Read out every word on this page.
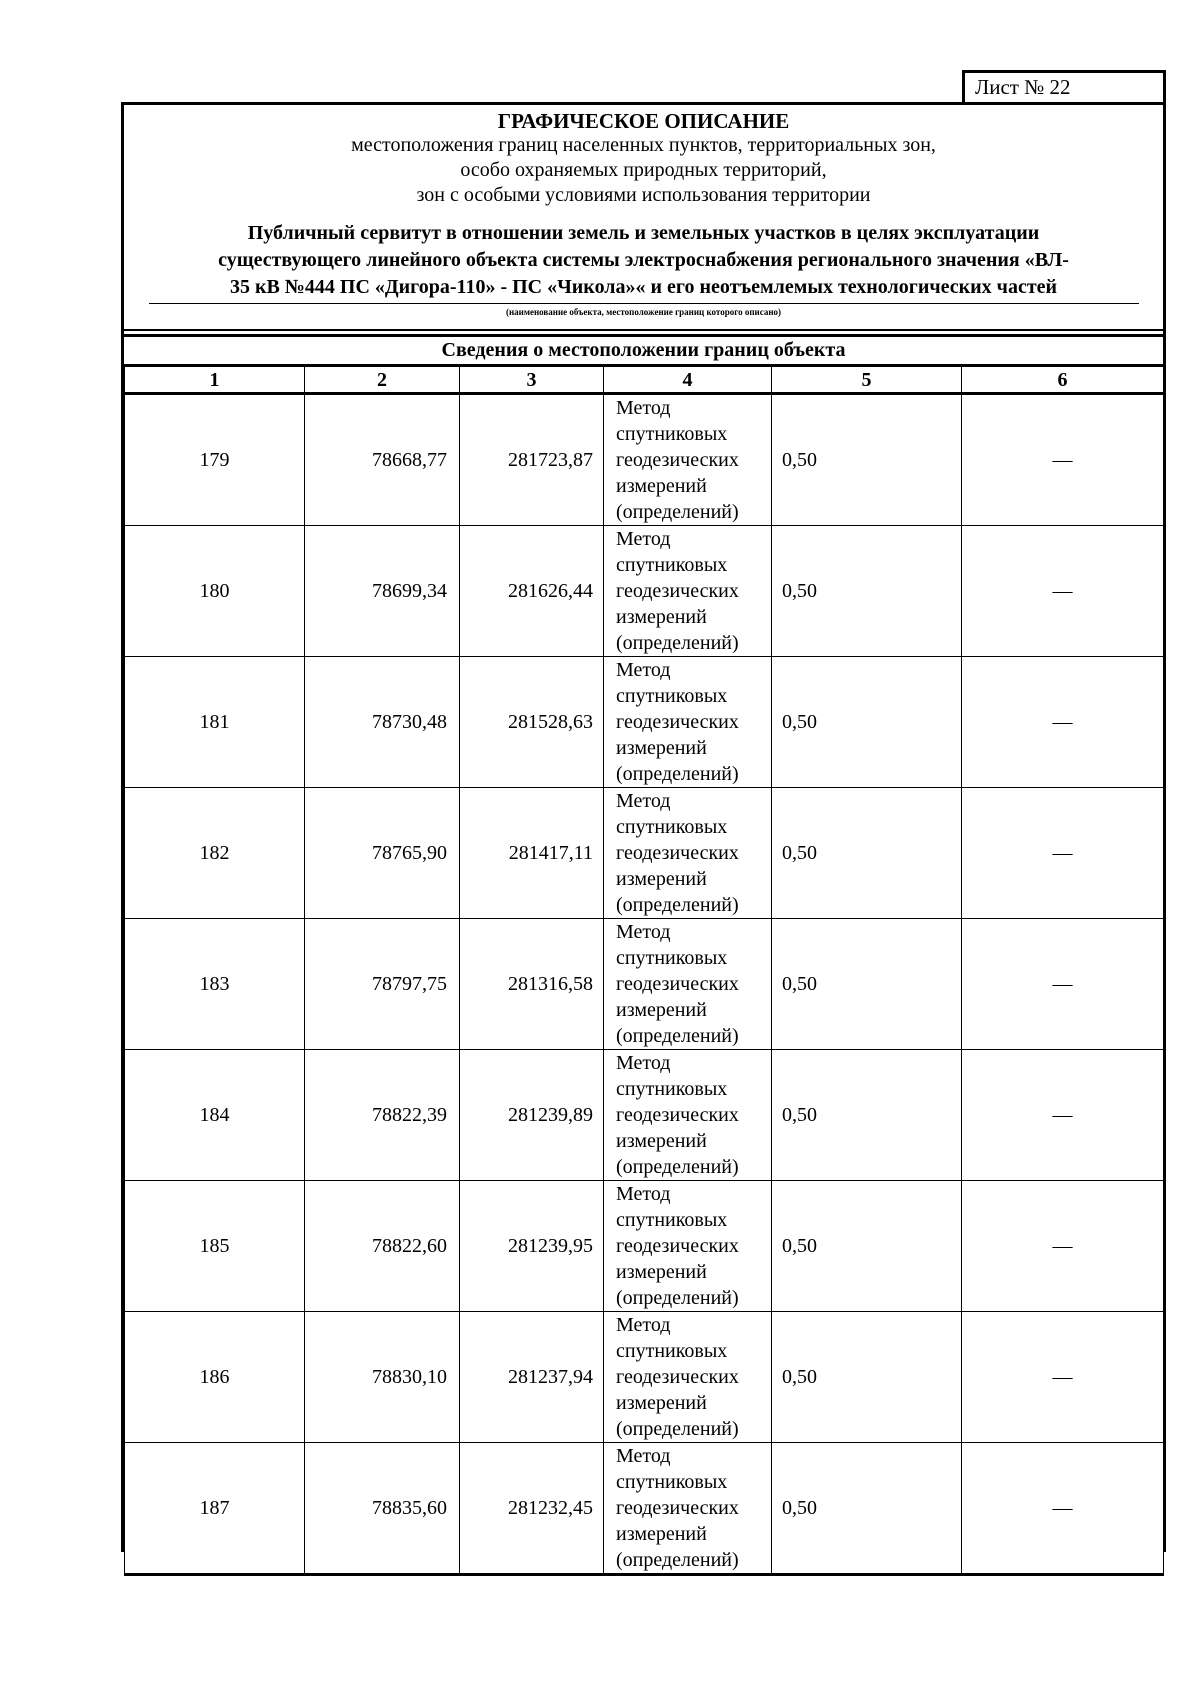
Лист № 22
ГРАФИЧЕСКОЕ ОПИСАНИЕ
местоположения границ населенных пунктов, территориальных зон,
особо охраняемых природных территорий,
зон с особыми условиями использования территории
Публичный сервитут в отношении земель и земельных участков в целях эксплуатации
существующего линейного объекта системы электроснабжения регионального значения «ВЛ-
35 кВ №444 ПС «Дигора-110» - ПС «Чикола»« и его неотъемлемых технологических частей
(наименование объекта, местоположение границ которого описано)
Сведения о местоположении границ объекта
1	2	3	4	5	6
179	78668,77	281723,87	Метод
спутниковых
геодезических
измерений
(определений)	0,50	—
180	78699,34	281626,44	Метод
спутниковых
геодезических
измерений
(определений)	0,50	—
181	78730,48	281528,63	Метод
спутниковых
геодезических
измерений
(определений)	0,50	—
182	78765,90	281417,11	Метод
спутниковых
геодезических
измерений
(определений)	0,50	—
183	78797,75	281316,58	Метод
спутниковых
геодезических
измерений
(определений)	0,50	—
184	78822,39	281239,89	Метод
спутниковых
геодезических
измерений
(определений)	0,50	—
185	78822,60	281239,95	Метод
спутниковых
геодезических
измерений
(определений)	0,50	—
186	78830,10	281237,94	Метод
спутниковых
геодезических
измерений
(определений)	0,50	—
187	78835,60	281232,45	Метод
спутниковых
геодезических
измерений
(определений)	0,50	—
